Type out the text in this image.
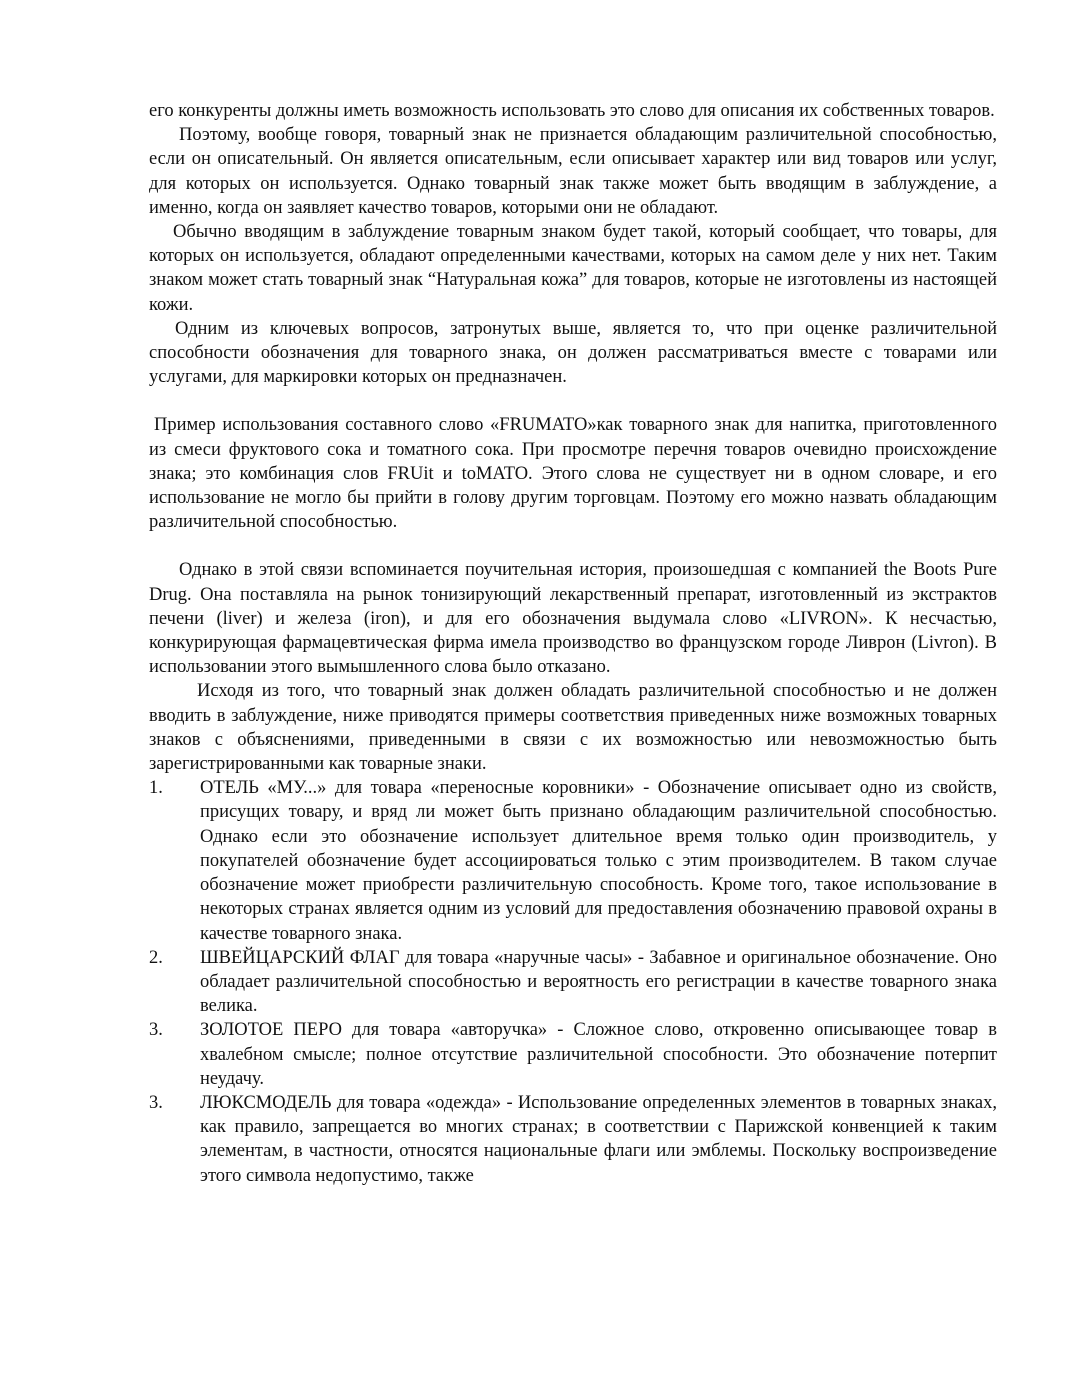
его конкуренты должны иметь возможность использовать это слово для описания их собственных товаров.

Поэтому, вообще говоря, товарный знак не признается обладающим различительной способностью, если он описательный. Он является описательным, если описывает характер или вид товаров или услуг, для которых он используется. Однако товарный знак также может быть вводящим в заблуждение, а именно, когда он заявляет качество товаров, которыми они не обладают.

Обычно вводящим в заблуждение товарным знаком будет такой, который сообщает, что товары, для которых он используется, обладают определенными качествами, которых на самом деле у них нет. Таким знаком может стать товарный знак “Натуральная кожа” для товаров, которые не изготовлены из настоящей кожи.

Одним из ключевых вопросов, затронутых выше, является то, что при оценке различительной способности обозначения для товарного знака, он должен рассматриваться вместе с товарами или услугами, для маркировки которых он предназначен.

Пример использования составного слово «FRUMATO»как товарного знак для напитка, приготовленного из смеси фруктового сока и томатного сока. При просмотре перечня товаров очевидно происхождение знака; это комбинация слов FRUit и toMATO. Этого слова не существует ни в одном словаре, и его использование не могло бы прийти в голову другим торговцам. Поэтому его можно назвать обладающим различительной способностью.

Однако в этой связи вспоминается поучительная история, произошедшая с компанией the Boots Pure Drug. Она поставляла на рынок тонизирующий лекарственный препарат, изготовленный из экстрактов печени (liver) и железа (iron), и для его обозначения выдумала слово «LIVRON». К несчастью, конкурирующая фармацевтическая фирма имела производство во французском городе Ливрон (Livron). В использовании этого вымышленного слова было отказано.

Исходя из того, что товарный знак должен обладать различительной способностью и не должен вводить в заблуждение, ниже приводятся примеры соответствия приведенных ниже возможных товарных знаков с объяснениями, приведенными в связи с их возможностью или невозможностью быть зарегистрированными как товарные знаки.

1. ОТЕЛЬ «МУ...» для товара «переносные коровники» - Обозначение описывает одно из свойств, присущих товару, и вряд ли может быть признано обладающим различительной способностью. Однако если это обозначение использует длительное время только один производитель, у покупателей обозначение будет ассоциироваться только с этим производителем. В таком случае обозначение может приобрести различительную способность. Кроме того, такое использование в некоторых странах является одним из условий для предоставления обозначению правовой охраны в качестве товарного знака.
2. ШВЕЙЦАРСКИЙ ФЛАГ для товара «наручные часы» - Забавное и оригинальное обозначение. Оно обладает различительной способностью и вероятность его регистрации в качестве товарного знака велика.
3. ЗОЛОТОЕ ПЕРО для товара «авторучка» - Сложное слово, откровенно описывающее товар в хвалебном смысле; полное отсутствие различительной способности. Это обозначение потерпит неудачу.
3. ЛЮКСМОДЕЛЬ для товара «одежда» - Использование определенных элементов в товарных знаках, как правило, запрещается во многих странах; в соответствии с Парижской конвенцией к таким элементам, в частности, относятся национальные флаги или эмблемы. Поскольку воспроизведение этого символа недопустимо, также
